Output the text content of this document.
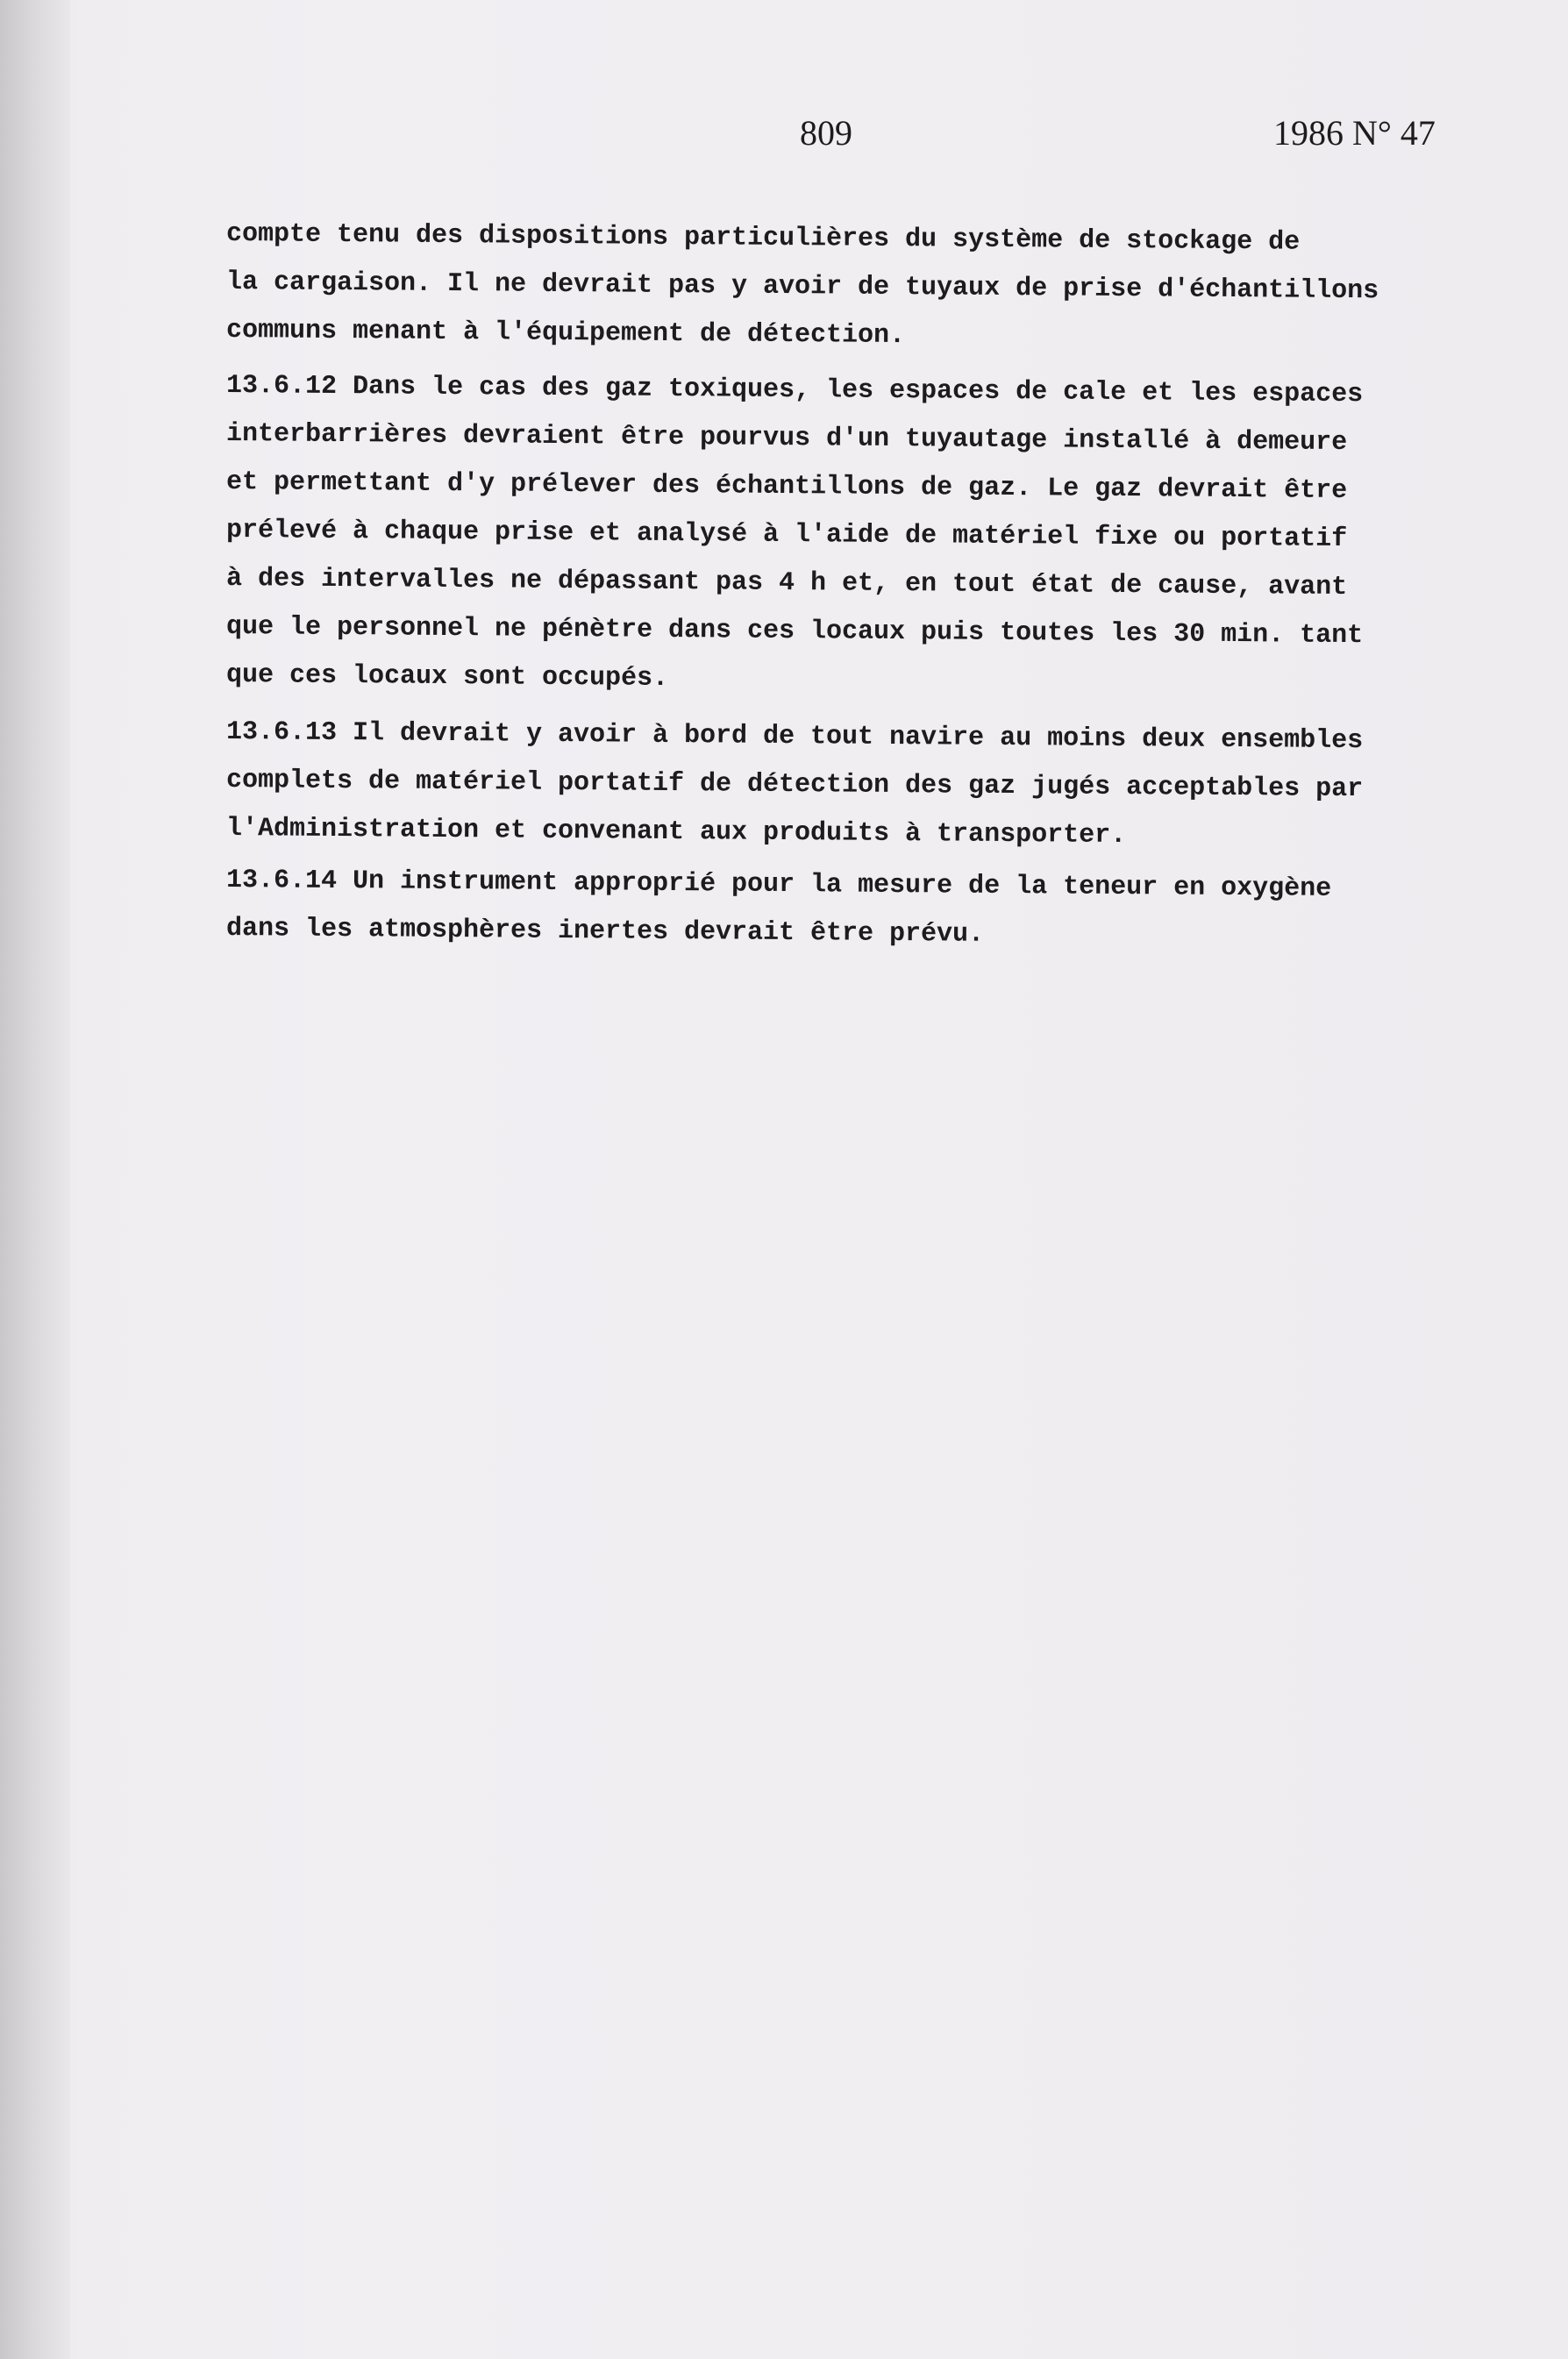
809	1986 N° 47
compte tenu des dispositions particulières du système de stockage de
la cargaison. Il ne devrait pas y avoir de tuyaux de prise d'échantillons
communs menant à l'équipement de détection.
13.6.12 Dans le cas des gaz toxiques, les espaces de cale et les espaces
interbarrières devraient être pourvus d'un tuyautage installé à demeure
et permettant d'y prélever des échantillons de gaz. Le gaz devrait être
prélevé à chaque prise et analysé à l'aide de matériel fixe ou portatif
à des intervalles ne dépassant pas 4 h et, en tout état de cause, avant
que le personnel ne pénètre dans ces locaux puis toutes les 30 min. tant
que ces locaux sont occupés.
13.6.13 Il devrait y avoir à bord de tout navire au moins deux ensembles
complets de matériel portatif de détection des gaz jugés acceptables par
l'Administration et convenant aux produits à transporter.
13.6.14 Un instrument approprié pour la mesure de la teneur en oxygène
dans les atmosphères inertes devrait être prévu.
